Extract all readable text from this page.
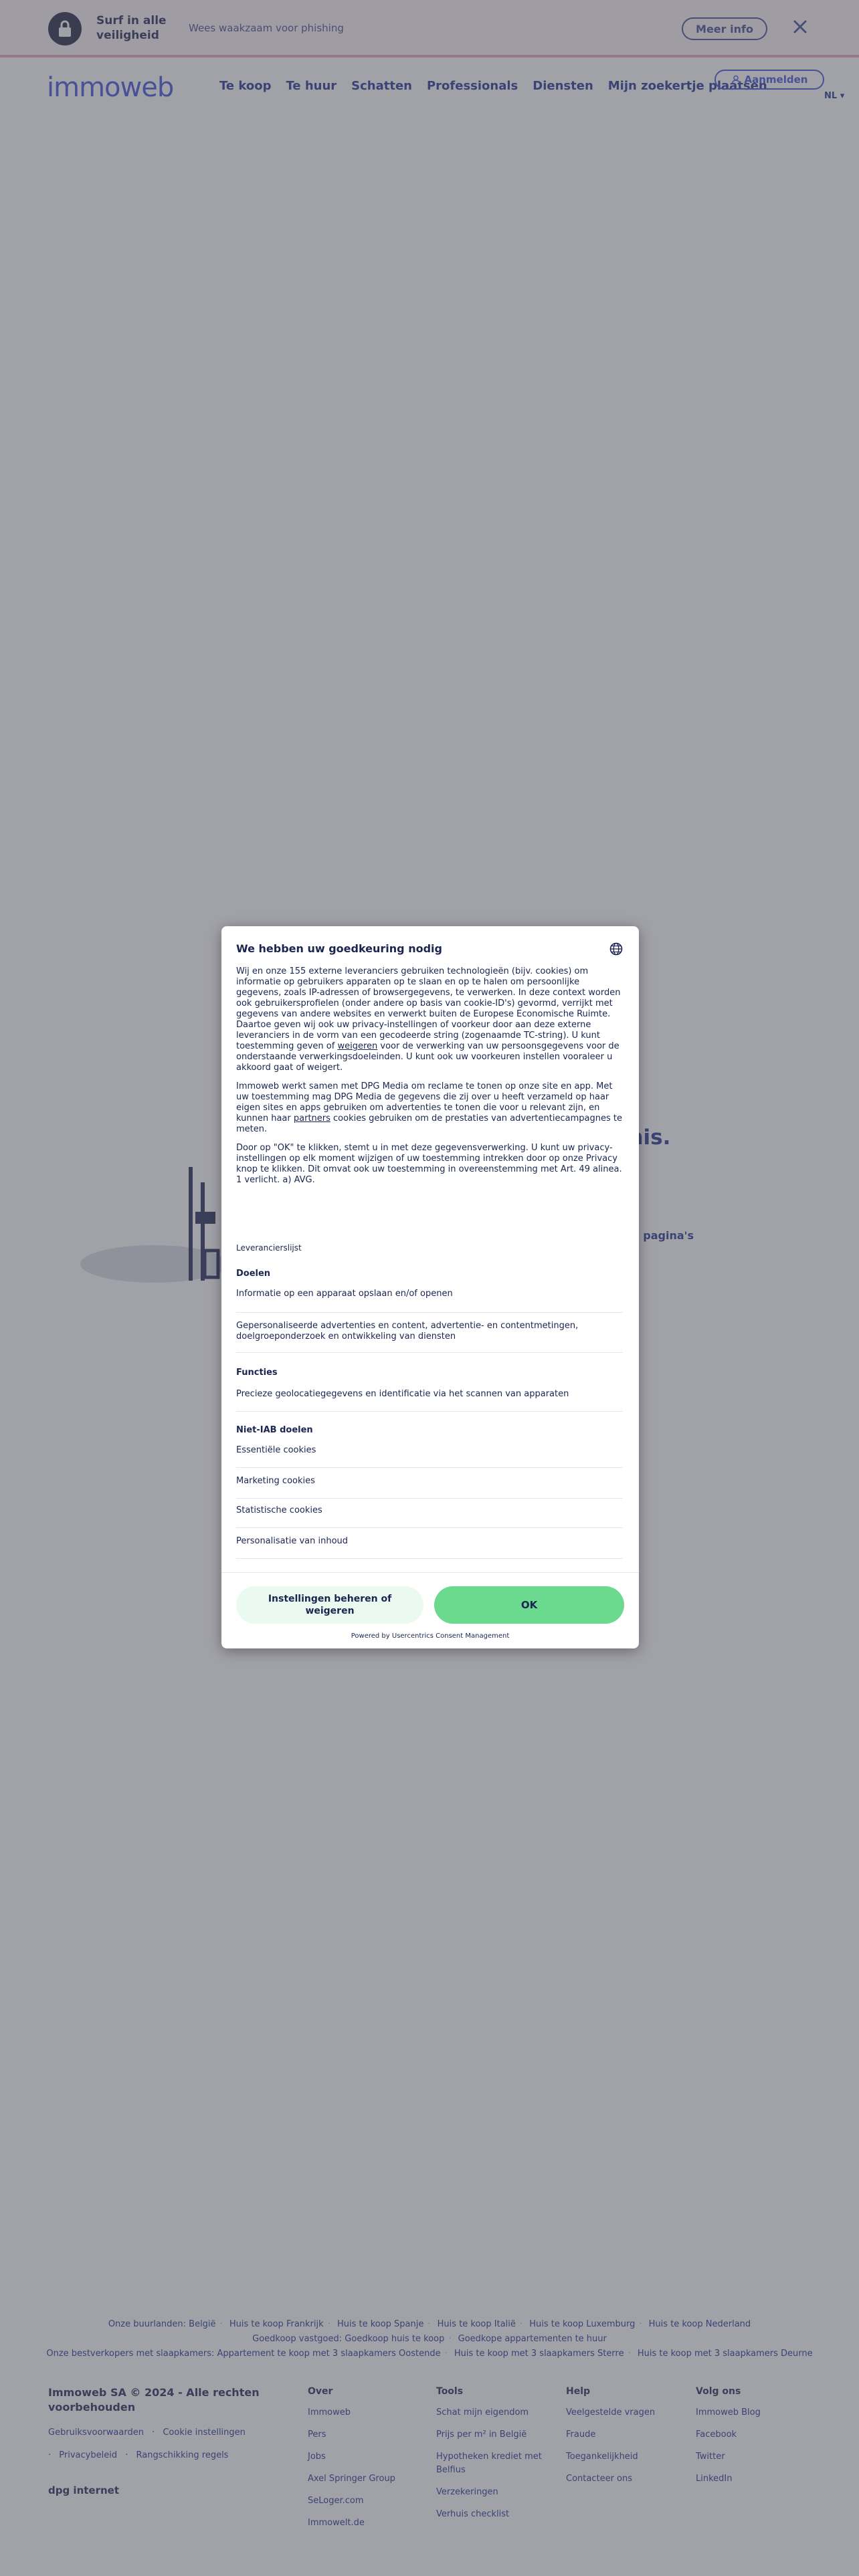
We hebben uw goedkeuring nodig

Wij en onze 155 externe leveranciers gebruiken technologieën (bijv. cookies) om informatie op gebruikers apparaten op te slaan en op te halen om persoonlijke gegevens, zoals IP-adressen of browsergegevens, te verwerken. In deze context worden ook gebruikersprofielen (onder andere op basis van cookie-ID's) gevormd, verrijkt met gegevens van andere websites en verwerkt buiten de Europese Economische Ruimte. Daartoe geven wij ook uw privacy-instellingen of voorkeur door aan deze externe leveranciers in de vorm van een gecodeerde string (zogenaamde TC-string). U kunt toestemming geven of weigeren voor de verwerking van uw persoonsgegevens voor de onderstaande verwerkingsdoeleinden. U kunt ook uw voorkeuren instellen vooraleer u akkoord gaat of weigert.

Immoweb werkt samen met DPG Media om reclame te tonen op onze site en app. Met uw toestemming mag DPG Media de gegevens die zij over u heeft verzameld op haar eigen sites en apps gebruiken om advertenties te tonen die voor u relevant zijn, en kunnen haar partners cookies gebruiken om de prestaties van advertentiecampagnes te meten.

Door op "OK" te klikken, stemt u in met deze gegevensverwerking. U kunt uw privacy-instellingen op elk moment wijzigen of uw toestemming intrekken door op onze Privacy knop te klikken. Dit omvat ook uw toestemming in overeenstemming met Art. 49 alinea. 1 verlicht. a) AVG.

Leverancierslijst
Doelen
Informatie op een apparaat opslaan en/of openen
Gepersonaliseerde advertenties en content, advertentie- en contentmetingen, doelgroeponderzoek en ontwikkeling van diensten
Functies
Precieze geolocatiegegevens en identificatie via het scannen van apparaten
Niet-IAB doelen
Essentiële cookies
Marketing cookies
Statistische cookies
Personalisatie van inhoud
Instellingen beheren of weigeren	OK
Powered by Usercentrics Consent Management
